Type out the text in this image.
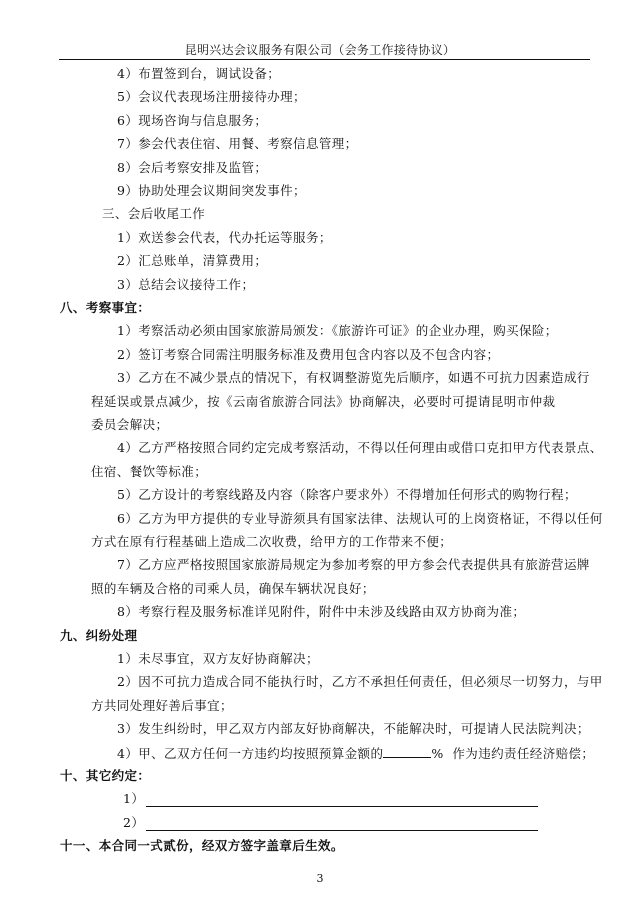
昆明兴达会议服务有限公司（会务工作接待协议）
4）布置签到台，调试设备；
5）会议代表现场注册接待办理；
6）现场咨询与信息服务；
7）参会代表住宿、用餐、考察信息管理；
8）会后考察安排及监管；
9）协助处理会议期间突发事件；
三、会后收尾工作
1）欢送参会代表，代办托运等服务；
2）汇总账单，清算费用；
3）总结会议接待工作；
八、考察事宜：
1）考察活动必须由国家旅游局颁发：《旅游许可证》的企业办理，购买保险；
2）签订考察合同需注明服务标准及费用包含内容以及不包含内容；
3）乙方在不减少景点的情况下，有权调整游览先后顺序，如遇不可抗力因素造成行
程延误或景点减少，按《云南省旅游合同法》协商解决，必要时可提请昆明市仲裁
委员会解决；
4）乙方严格按照合同约定完成考察活动，不得以任何理由或借口克扣甲方代表景点、
住宿、餐饮等标准；
5）乙方设计的考察线路及内容（除客户要求外）不得增加任何形式的购物行程；
6）乙方为甲方提供的专业导游须具有国家法律、法规认可的上岗资格证，不得以任何
方式在原有行程基础上造成二次收费，给甲方的工作带来不便；
7）乙方应严格按照国家旅游局规定为参加考察的甲方参会代表提供具有旅游营运牌
照的车辆及合格的司乘人员，确保车辆状况良好；
8）考察行程及服务标准详见附件，附件中未涉及线路由双方协商为准；
九、纠纷处理
1）未尽事宜，双方友好协商解决；
2）因不可抗力造成合同不能执行时，乙方不承担任何责任，但必须尽一切努力，与甲
方共同处理好善后事宜；
3）发生纠纷时，甲乙双方内部友好协商解决，不能解决时，可提请人民法院判决；
4）甲、乙双方任何一方违约均按照预算金额的	% 作为违约责任经济赔偿；
十、其它约定：
1）
2）
十一、本合同一式贰份，经双方签字盖章后生效。
3
